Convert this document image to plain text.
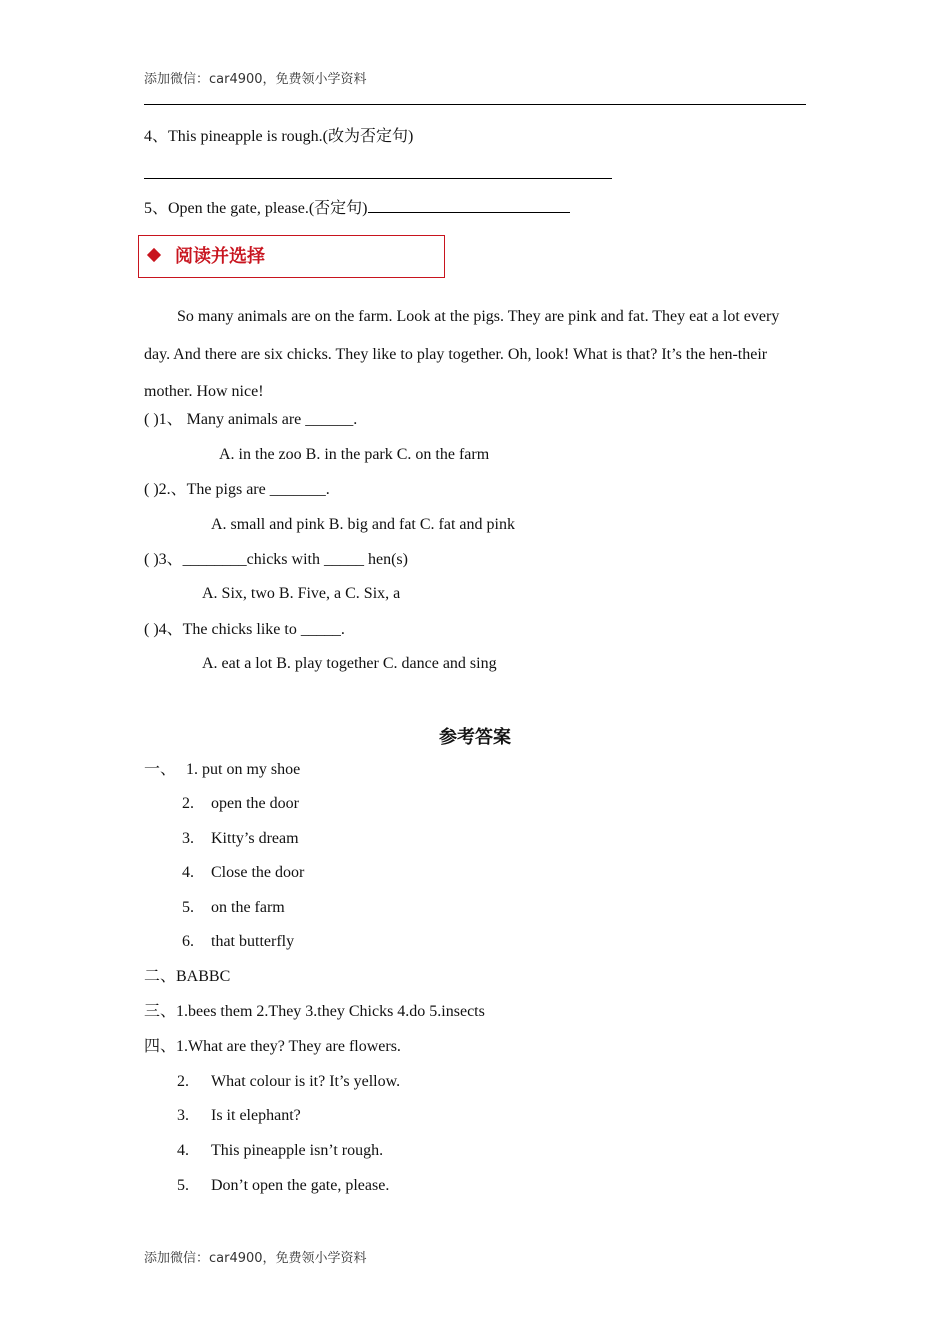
添加微信：car4900，免费领小学资料
4、This pineapple is rough.(改为否定句)
5、Open the gate, please.(否定句)
阅读并选择

So many animals are on the farm. Look at the pigs. They are pink and fat. They eat a lot every day. And there are six chicks. They like to play together. Oh, look! What is that? It’s the hen-their mother. How nice!

( )1、 Many animals are ______.
A. in the zoo B. in the park C. on the farm
( )2.、The pigs are _______.
A. small and pink B. big and fat C. fat and pink
( )3、________chicks with _____ hen(s)
A. Six, two B. Five, a C. Six, a
( )4、The chicks like to _____.
A. eat a lot B. play together C. dance and sing
参考答案
一、 1. put on my shoe
2. open the door
3. Kitty’s dream
4. Close the door
5. on the farm
6. that butterfly
二、BABBC
三、1.bees them 2.They 3.they Chicks 4.do 5.insects
四、1.What are they? They are flowers.
2. What colour is it? It’s yellow.
3. Is it elephant?
4. This pineapple isn’t rough.
5. Don’t open the gate, please.
添加微信：car4900，免费领小学资料
